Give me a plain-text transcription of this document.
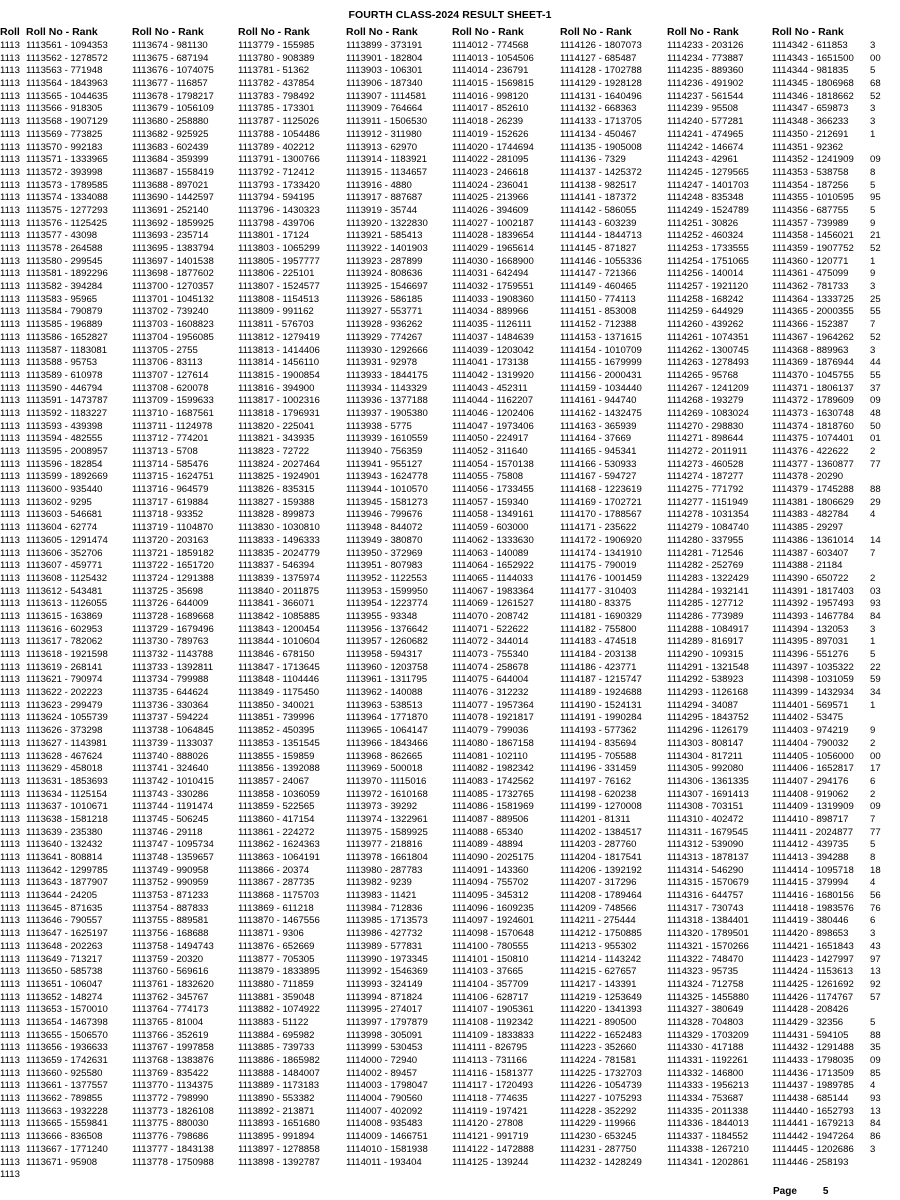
FOURTH CLASS-2024 RESULT SHEET-1
Roll
1113
1113
1113
1113
1113
1113
1113
1113
1113
1113
1113
1113
1113
1113
1113
1113
1113
1113
1113
1113
1113
1113
1113
1113
1113
1113
1113
1113
1113
1113
1113
1113
1113
1113
1113
1113
1113
1113
1113
1113
1113
1113
1113
1113
1113
1113
1113
1113
1113
1113
1113
1113
1113
1113
1113
1113
1113
1113
1113
1113
1113
1113
1113
1113
1113
1113
1113
1113
1113
1113
1113
1113
1113
1113
1113
1113
1113
1113
1113
1113
1113
1113
1113
1113
1113
1113
1113
1113
1113
1113
Roll No - Rank
1113561 - 1094353
1113562 - 1278572
1113563 - 771948
1113564 - 1843963
1113565 - 1044635
1113566 - 918305
1113568 - 1907129
1113569 - 773825
1113570 - 992183
1113571 - 1333965
1113572 - 393998
1113573 - 1789585
1113574 - 1334088
1113575 - 1277293
1113576 - 1125425
1113577 - 43098
1113578 - 264588
1113580 - 299545
1113581 - 1892296
1113582 - 394284
1113583 - 95965
1113584 - 790879
1113585 - 196889
1113586 - 1652827
1113587 - 1183081
1113588 - 95753
1113589 - 610978
1113590 - 446794
1113591 - 1473787
1113592 - 1183227
1113593 - 439398
1113594 - 482555
1113595 - 2008957
1113596 - 182854
1113599 - 1892669
1113600 - 935440
1113602 - 9295
1113603 - 546681
1113604 - 62774
1113605 - 1291474
1113606 - 352706
1113607 - 459771
1113608 - 1125432
1113612 - 543481
1113613 - 1126055
1113615 - 163869
1113616 - 602953
1113617 - 782062
1113618 - 1921598
1113619 - 268141
1113621 - 790974
1113622 - 202223
1113623 - 299479
1113624 - 1055739
1113626 - 373298
1113627 - 1143981
1113628 - 467624
1113629 - 458018
1113631 - 1853693
1113634 - 1125154
1113637 - 1010671
1113638 - 1581218
1113639 - 235380
1113640 - 132432
1113641 - 808814
1113642 - 1299785
1113643 - 1877907
1113644 - 24205
1113645 - 871635
1113646 - 790557
1113647 - 1625197
1113648 - 202263
1113649 - 713217
1113650 - 585738
1113651 - 106047
1113652 - 148274
1113653 - 1570010
1113654 - 1467398
1113655 - 1506570
1113656 - 1936633
1113659 - 1742631
1113660 - 925580
1113661 - 1377557
1113662 - 789855
1113663 - 1932228
1113665 - 1559841
1113666 - 836508
1113667 - 1771240
1113671 - 95908
Roll No - Rank
1113674 - 981130
1113675 - 687194
1113676 - 1074075
1113677 - 116857
1113678 - 1798217
1113679 - 1056109
1113680 - 258880
1113682 - 925925
1113683 - 602439
1113684 - 359399
1113687 - 1558419
1113688 - 897021
1113690 - 1442597
1113691 - 252140
1113692 - 1859925
1113693 - 235714
1113695 - 1383794
1113697 - 1401538
1113698 - 1877602
1113700 - 1270357
1113701 - 1045132
1113702 - 739240
1113703 - 1608823
1113704 - 1956085
1113705 - 2755
1113706 - 83113
1113707 - 127614
1113708 - 620078
1113709 - 1599633
1113710 - 1687561
1113711 - 1124978
1113712 - 774201
1113713 - 5708
1113714 - 585476
1113715 - 1624751
1113716 - 964579
1113717 - 619884
1113718 - 93352
1113719 - 1104870
1113720 - 203163
1113721 - 1859182
1113722 - 1651720
1113724 - 1291388
1113725 - 35698
1113726 - 644009
1113728 - 1689668
1113729 - 1679496
1113730 - 789763
1113732 - 1143788
1113733 - 1392811
1113734 - 799988
1113735 - 644624
1113736 - 330364
1113737 - 594224
1113738 - 1064845
1113739 - 1133037
1113740 - 888026
1113741 - 324640
1113742 - 1010415
1113743 - 330286
1113744 - 1191474
1113745 - 506245
1113746 - 29118
1113747 - 1095734
1113748 - 1359657
1113749 - 990958
1113752 - 990959
1113753 - 871233
1113754 - 887833
1113755 - 889581
1113756 - 168688
1113758 - 1494743
1113759 - 20320
1113760 - 569616
1113761 - 1832620
1113762 - 345767
1113764 - 774173
1113765 - 81004
1113766 - 352619
1113767 - 1997858
1113768 - 1383876
1113769 - 835422
1113770 - 1134375
1113772 - 798990
1113773 - 1826108
1113775 - 880030
1113776 - 798686
1113777 - 1843138
1113778 - 1750988
Roll No - Rank
1113779 - 155985
1113780 - 908389
1113781 - 51362
1113782 - 437854
1113783 - 798492
1113785 - 173301
1113787 - 1125026
1113788 - 1054486
1113789 - 402212
1113791 - 1300766
1113792 - 712412
1113793 - 1733420
1113794 - 594195
1113796 - 1430323
1113798 - 439706
1113801 - 17124
1113803 - 1065299
1113805 - 1957777
1113806 - 225101
1113807 - 1524577
1113808 - 1154513
1113809 - 991162
1113811 - 576703
1113812 - 1279419
1113813 - 1414406
1113814 - 1456110
1113815 - 1900854
1113816 - 394900
1113817 - 1002316
1113818 - 1796931
1113820 - 225041
1113821 - 343935
1113823 - 72722
1113824 - 2027464
1113825 - 1924901
1113826 - 835315
1113827 - 159388
1113828 - 899873
1113830 - 1030810
1113833 - 1496333
1113835 - 2024779
1113837 - 546394
1113839 - 1375974
1113840 - 2011875
1113841 - 366071
1113842 - 1085885
1113843 - 1200454
1113844 - 1010604
1113846 - 678150
1113847 - 1713645
1113848 - 1104446
1113849 - 1175450
1113850 - 340021
1113851 - 739996
1113852 - 450395
1113853 - 1351545
1113855 - 159859
1113856 - 1392088
1113857 - 24067
1113858 - 1036059
1113859 - 522565
1113860 - 417154
1113861 - 224272
1113862 - 1624363
1113863 - 1064191
1113866 - 20374
1113867 - 287735
1113868 - 1175703
1113869 - 611218
1113870 - 1467556
1113871 - 9306
1113876 - 652669
1113877 - 705305
1113879 - 1833895
1113880 - 711859
1113881 - 359048
1113882 - 1074922
1113883 - 51122
1113884 - 695982
1113885 - 739733
1113886 - 1865982
1113888 - 1484007
1113889 - 1173183
1113890 - 553382
1113892 - 213871
1113893 - 1651680
1113895 - 991894
1113897 - 1278858
1113898 - 1392787
Roll No - Rank
1113899 - 373191
1113901 - 182804
1113903 - 106301
1113906 - 187340
1113907 - 1114581
1113909 - 764664
1113911 - 1506530
1113912 - 311980
1113913 - 62970
1113914 - 1183921
1113915 - 1134657
1113916 - 4880
1113917 - 887687
1113919 - 35744
1113920 - 1322830
1113921 - 585413
1113922 - 1401903
1113923 - 287899
1113924 - 808636
1113925 - 1546697
1113926 - 586185
1113927 - 553771
1113928 - 936262
1113929 - 774267
1113930 - 1292666
1113931 - 92978
1113933 - 1844175
1113934 - 1143329
1113936 - 1377188
1113937 - 1905380
1113938 - 5775
1113939 - 1610559
1113940 - 756359
1113941 - 955127
1113943 - 1624778
1113944 - 1010570
1113945 - 1581273
1113946 - 799676
1113948 - 844072
1113949 - 380870
1113950 - 372969
1113951 - 807983
1113952 - 1122553
1113953 - 1599950
1113954 - 1223774
1113955 - 93348
1113956 - 1376642
1113957 - 1260682
1113958 - 594317
1113960 - 1203758
1113961 - 1311795
1113962 - 140088
1113963 - 538513
1113964 - 1771870
1113965 - 1064147
1113966 - 1843466
1113968 - 862665
1113969 - 500018
1113970 - 1115016
1113972 - 1610168
1113973 - 39292
1113974 - 1322961
1113975 - 1589925
1113977 - 218816
1113978 - 1661804
1113980 - 287783
1113982 - 9239
1113983 - 11421
1113984 - 712836
1113985 - 1713573
1113986 - 427732
1113989 - 577831
1113990 - 1973345
1113992 - 1546369
1113993 - 324149
1113994 - 871824
1113995 - 274017
1113997 - 1797879
1113998 - 305091
1113999 - 530453
1114000 - 72940
1114002 - 89457
1114003 - 1798047
1114004 - 790560
1114007 - 402092
1114008 - 935483
1114009 - 1466751
1114010 - 1581938
1114011 - 193404
Roll No - Rank
1114012 - 774568
1114013 - 1054506
1114014 - 236791
1114015 - 1569815
1114016 - 998120
1114017 - 852610
1114018 - 26239
1114019 - 152626
1114020 - 1744694
1114022 - 281095
1114023 - 246618
1114024 - 236041
1114025 - 213966
1114026 - 394609
1114027 - 1002187
1114028 - 1839654
1114029 - 1965614
1114030 - 1668900
1114031 - 642494
1114032 - 1759551
1114033 - 1908360
1114034 - 889966
1114035 - 1126111
1114037 - 1484639
1114039 - 1203042
1114041 - 173138
1114042 - 1319920
1114043 - 452311
1114044 - 1162207
1114046 - 1202406
1114047 - 1973406
1114050 - 224917
1114052 - 311640
1114054 - 1570138
1114055 - 75808
1114056 - 1733455
1114057 - 159340
1114058 - 1349161
1114059 - 603000
1114062 - 1333630
1114063 - 140089
1114064 - 1652922
1114065 - 1144033
1114067 - 1983364
1114069 - 1261527
1114070 - 208742
1114071 - 522622
1114072 - 344014
1114073 - 755340
1114074 - 258678
1114075 - 644004
1114076 - 312232
1114077 - 1957364
1114078 - 1921817
1114079 - 799036
1114080 - 1867158
1114081 - 102110
1114082 - 1982342
1114083 - 1742562
1114085 - 1732765
1114086 - 1581969
1114087 - 889506
1114088 - 65340
1114089 - 48894
1114090 - 2025175
1114091 - 143360
1114094 - 755702
1114095 - 345312
1114096 - 1609235
1114097 - 1924601
1114098 - 1570648
1114100 - 780555
1114101 - 150810
1114103 - 37665
1114104 - 357709
1114106 - 628717
1114107 - 1905361
1114108 - 1192342
1114109 - 1833833
1114111 - 826795
1114113 - 731166
1114116 - 1581377
1114117 - 1720493
1114118 - 774635
1114119 - 197421
1114120 - 27808
1114121 - 991719
1114122 - 1472888
1114125 - 139244
Roll No - Rank
1114126 - 1807073
1114127 - 685487
1114128 - 1702788
1114129 - 1928128
1114131 - 1640496
1114132 - 668363
1114133 - 1713705
1114134 - 450467
1114135 - 1905008
1114136 - 7329
1114137 - 1425372
1114138 - 982517
1114141 - 187372
1114142 - 586055
1114143 - 603239
1114144 - 1844713
1114145 - 871827
1114146 - 1055336
1114147 - 721366
1114149 - 460465
1114150 - 774113
1114151 - 853008
1114152 - 712388
1114153 - 1371615
1114154 - 1010709
1114155 - 1679999
1114156 - 2000431
1114159 - 1034440
1114161 - 944740
1114162 - 1432475
1114163 - 365939
1114164 - 37669
1114165 - 945341
1114166 - 530933
1114167 - 594727
1114168 - 1223619
1114169 - 1702721
1114170 - 1788567
1114171 - 235622
1114172 - 1906920
1114174 - 1341910
1114175 - 790019
1114176 - 1001459
1114177 - 310403
1114180 - 83375
1114181 - 1690329
1114182 - 755800
1114183 - 474518
1114184 - 203138
1114186 - 423771
1114187 - 1215747
1114189 - 1924688
1114190 - 1524131
1114191 - 1990284
1114193 - 577362
1114194 - 835694
1114195 - 705588
1114196 - 331459
1114197 - 76162
1114198 - 620238
1114199 - 1270008
1114201 - 81311
1114202 - 1384517
1114203 - 287760
1114204 - 1817541
1114206 - 1392192
1114207 - 317296
1114208 - 1789464
1114209 - 748566
1114211 - 275444
1114212 - 1750885
1114213 - 955302
1114214 - 1143242
1114215 - 627657
1114217 - 143391
1114219 - 1253649
1114220 - 1341393
1114221 - 890500
1114222 - 1652483
1114223 - 352660
1114224 - 781581
1114225 - 1732703
1114226 - 1054739
1114227 - 1075293
1114228 - 352292
1114229 - 119966
1114230 - 653245
1114231 - 287750
1114232 - 1428249
Roll No - Rank
1114233 - 203126
1114234 - 773887
1114235 - 889360
1114236 - 491902
1114237 - 561544
1114239 - 95508
1114240 - 577281
1114241 - 474965
1114242 - 146674
1114243 - 42961
1114245 - 1279565
1114247 - 1401703
1114248 - 835348
1114249 - 1524789
1114251 - 30826
1114252 - 460324
1114253 - 1733555
1114254 - 1751065
1114256 - 140014
1114257 - 1921120
1114258 - 168242
1114259 - 644929
1114260 - 439262
1114261 - 1074351
1114262 - 1300745
1114263 - 1278493
1114265 - 95768
1114267 - 1241209
1114268 - 193279
1114269 - 1083024
1114270 - 298830
1114271 - 898644
1114272 - 2011911
1114273 - 460528
1114274 - 187277
1114275 - 771792
1114277 - 1151949
1114278 - 1031354
1114279 - 1084740
1114280 - 337955
1114281 - 712546
1114282 - 252769
1114283 - 1322429
1114284 - 1932141
1114285 - 127712
1114286 - 773989
1114288 - 1084917
1114289 - 816917
1114290 - 109315
1114291 - 1321548
1114292 - 538923
1114293 - 1126168
1114294 - 34087
1114295 - 1843752
1114296 - 1126179
1114303 - 808147
1114304 - 817211
1114305 - 992080
1114306 - 1361335
1114307 - 1691413
1114308 - 703151
1114310 - 402472
1114311 - 1679545
1114312 - 539090
1114313 - 1878137
1114314 - 546290
1114315 - 1570679
1114316 - 644757
1114317 - 730743
1114318 - 1384401
1114320 - 1789501
1114321 - 1570266
1114322 - 748470
1114323 - 95735
1114324 - 712758
1114325 - 1455880
1114327 - 380649
1114328 - 704803
1114329 - 1703209
1114330 - 417188
1114331 - 1192261
1114332 - 146800
1114333 - 1956213
1114334 - 753687
1114335 - 2011338
1114336 - 1844013
1114337 - 1184552
1114338 - 1267210
1114341 - 1202861
Roll No - Rank
1114342 - 611853
1114343 - 1651500
1114344 - 981835
1114345 - 1806968
1114346 - 1818662
1114347 - 659873
1114348 - 366233
1114350 - 212691
1114351 - 92362
1114352 - 1241909
1114353 - 538758
1114354 - 187256
1114355 - 1010595
1114356 - 687755
1114357 - 739989
1114358 - 1456021
1114359 - 1907752
1114360 - 120771
1114361 - 475099
1114362 - 781733
1114364 - 1333725
1114365 - 2000355
1114366 - 152387
1114367 - 1964262
1114368 - 889963
1114369 - 1876944
1114370 - 1045755
1114371 - 1806137
1114372 - 1789609
1114373 - 1630748
1114374 - 1818760
1114375 - 1074401
1114376 - 422622
1114377 - 1360877
1114378 - 20290
1114379 - 1745288
1114381 - 1806629
1114383 - 482784
1114385 - 29297
1114386 - 1361014
1114387 - 603407
1114388 - 21184
1114390 - 650722
1114391 - 1817403
1114392 - 1957493
1114393 - 1467784
1114394 - 132053
1114395 - 897031
1114396 - 551276
1114397 - 1035322
1114398 - 1031059
1114399 - 1432934
1114401 - 569571
1114402 - 53475
1114403 - 974219
1114404 - 790032
1114405 - 1056000
1114406 - 1652817
1114407 - 294176
1114408 - 919062
1114409 - 1319909
1114410 - 898717
1114411 - 2024877
1114412 - 439735
1114413 - 394288
1114414 - 1095718
1114415 - 379994
1114416 - 1680156
1114418 - 1983576
1114419 - 380446
1114420 - 898653
1114421 - 1651843
1114423 - 1427997
1114424 - 1153613
1114425 - 1261692
1114426 - 1174767
1114428 - 208426
1114429 - 32356
1114431 - 594105
1114432 - 1291488
1114433 - 1798035
1114436 - 1713509
1114437 - 1989785
1114438 - 685144
1114440 - 1652793
1114441 - 1679213
1114442 - 1947264
1114445 - 1202686
1114446 - 258193
3
00
5
68
52
3
3
1
09
8
5
95
5
9
21
52
1
9
3
25
55
7
52
3
44
55
37
09
48
50
01
2
77
88
29
4
14
7
2
03
93
84
3
1
5
22
59
34
1
9
2
00
17
6
2
09
7
77
5
8
18
4
56
76
6
3
43
97
13
92
57
5
88
35
09
85
4
93
13
84
86
3
Page	5
